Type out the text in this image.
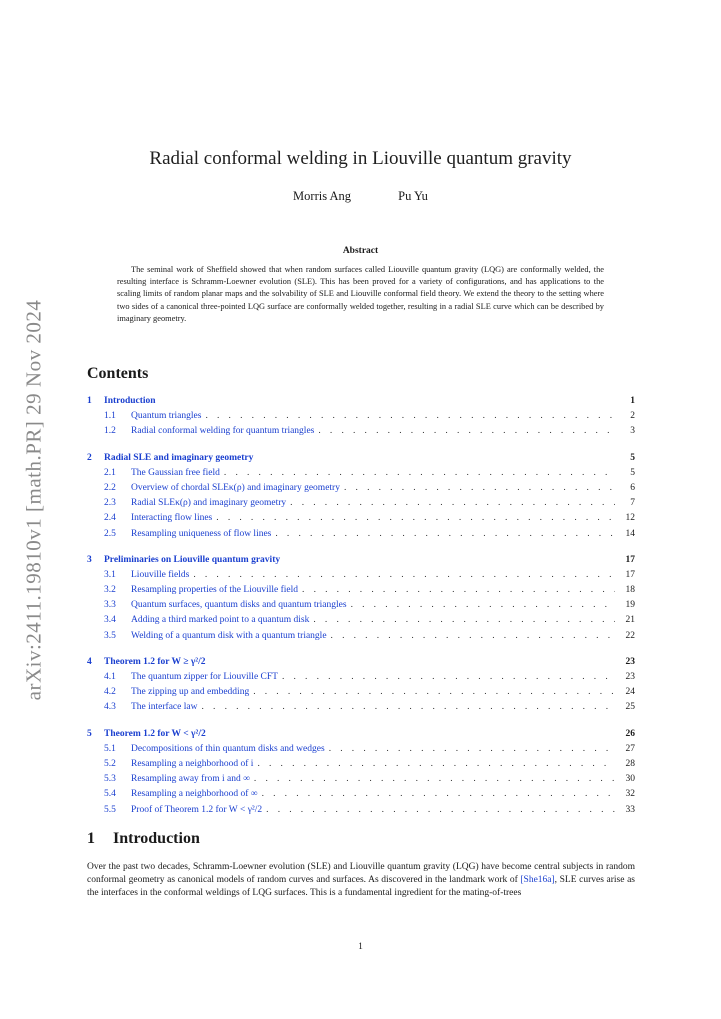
arXiv:2411.19810v1 [math.PR] 29 Nov 2024
Radial conformal welding in Liouville quantum gravity
Morris Ang	Pu Yu
Abstract
The seminal work of Sheffield showed that when random surfaces called Liouville quantum gravity (LQG) are conformally welded, the resulting interface is Schramm-Loewner evolution (SLE). This has been proved for a variety of configurations, and has applications to the scaling limits of random planar maps and the solvability of SLE and Liouville conformal field theory. We extend the theory to the setting where two sides of a canonical three-pointed LQG surface are conformally welded together, resulting in a radial SLE curve which can be described by imaginary geometry.
Contents
1	Introduction	1
1.1	Quantum triangles . . .	2
1.2	Radial conformal welding for quantum triangles . . .	3
2	Radial SLE and imaginary geometry	5
2.1	The Gaussian free field . . .	5
2.2	Overview of chordal SLEκ(ρ) and imaginary geometry . . .	6
2.3	Radial SLEκ(ρ) and imaginary geometry . . .	7
2.4	Interacting flow lines . . .	12
2.5	Resampling uniqueness of flow lines . . .	14
3	Preliminaries on Liouville quantum gravity	17
3.1	Liouville fields . . .	17
3.2	Resampling properties of the Liouville field . . .	18
3.3	Quantum surfaces, quantum disks and quantum triangles . . .	19
3.4	Adding a third marked point to a quantum disk . . .	21
3.5	Welding of a quantum disk with a quantum triangle . . .	22
4	Theorem 1.2 for W ≥ γ²/2	23
4.1	The quantum zipper for Liouville CFT . . .	23
4.2	The zipping up and embedding . . .	24
4.3	The interface law . . .	25
5	Theorem 1.2 for W < γ²/2	26
5.1	Decompositions of thin quantum disks and wedges . . .	27
5.2	Resampling a neighborhood of i . . .	28
5.3	Resampling away from i and ∞ . . .	30
5.4	Resampling a neighborhood of ∞ . . .	32
5.5	Proof of Theorem 1.2 for W < γ²/2 . . .	33
1 Introduction
Over the past two decades, Schramm-Loewner evolution (SLE) and Liouville quantum gravity (LQG) have become central subjects in random conformal geometry as canonical models of random curves and surfaces. As discovered in the landmark work of [She16a], SLE curves arise as the interfaces in the conformal weldings of LQG surfaces. This is a fundamental ingredient for the mating-of-trees
1
